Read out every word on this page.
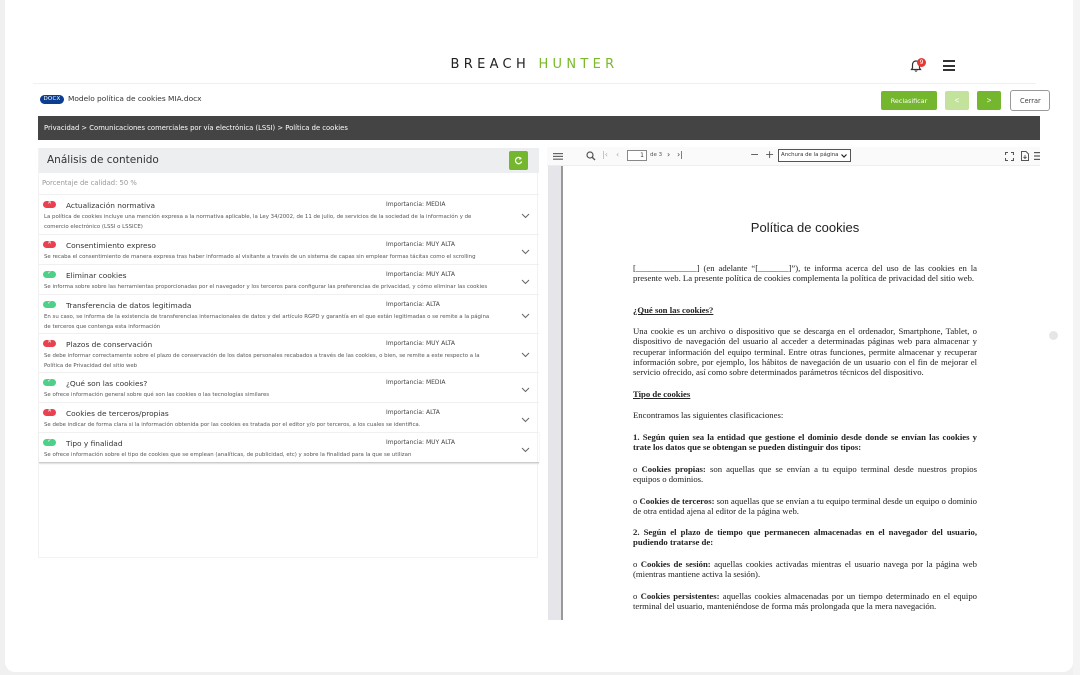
BREACH HUNTER	9
DOCX	Modelo política de cookies MIA.docx	Reclasificar	<	>	Cerrar
Privacidad > Comunicaciones comerciales por vía electrónica (LSSI) > Política de cookies
Análisis de contenido
Porcentaje de calidad: 50 %
✕	Actualización normativa	Importancia: MEDIA
La política de cookies incluye una mención expresa a la normativa aplicable, la Ley 34/2002, de 11 de julio, de servicios de la sociedad de la información y de comercio electrónico (LSSI o LSSICE)
✕	Consentimiento expreso	Importancia: MUY ALTA
Se recaba el consentimiento de manera expresa tras haber informado al visitante a través de un sistema de capas sin emplear formas tácitas como el scrolling
✓	Eliminar cookies	Importancia: MUY ALTA
Se informa sobre sobre las herramientas proporcionadas por el navegador y los terceros para configurar las preferencias de privacidad, y cómo eliminar las cookies
✓	Transferencia de datos legitimada	Importancia: ALTA
En su caso, se informa de la existencia de transferencias internacionales de datos y del artículo RGPD y garantía en el que están legitimadas o se remite a la página de terceros que contenga esta información
✕	Plazos de conservación	Importancia: MUY ALTA
Se debe informar correctamente sobre el plazo de conservación de los datos personales recabados a través de las cookies, o bien, se remite a este respecto a la Política de Privacidad del sitio web
✓	¿Qué son las cookies?	Importancia: MEDIA
Se ofrece información general sobre qué son las cookies o las tecnologías similares
✕	Cookies de terceros/propias	Importancia: ALTA
Se debe indicar de forma clara si la información obtenida por las cookies es tratada por el editor y/o por terceros, a los cuales se identifica.
✓	Tipo y finalidad	Importancia: MUY ALTA
Se ofrece información sobre el tipo de cookies que se emplean (analíticas, de publicidad, etc) y sobre la finalidad para la que se utilizan
|‹ ‹	1	de 3 › ›|	− +	Anchura de la página
Política de cookies
[______________] (en adelante “[_______]”), te informa acerca del uso de las cookies en la presente web. La presente política de cookies complementa la política de privacidad del sitio web.
¿Qué son las cookies?
Una cookie es un archivo o dispositivo que se descarga en el ordenador, Smartphone, Tablet, o dispositivo de navegación del usuario al acceder a determinadas páginas web para almacenar y recuperar información del equipo terminal. Entre otras funciones, permite almacenar y recuperar información sobre, por ejemplo, los hábitos de navegación de un usuario con el fin de mejorar el servicio ofrecido, así como sobre determinados parámetros técnicos del dispositivo.
Tipo de cookies
Encontramos las siguientes clasificaciones:
1. Según quien sea la entidad que gestione el dominio desde donde se envían las cookies y trate los datos que se obtengan se pueden distinguir dos tipos:
o Cookies propias: son aquellas que se envían a tu equipo terminal desde nuestros propios equipos o dominios.
o Cookies de terceros: son aquellas que se envían a tu equipo terminal desde un equipo o dominio de otra entidad ajena al editor de la página web.
2. Según el plazo de tiempo que permanecen almacenadas en el navegador del usuario, pudiendo tratarse de:
o Cookies de sesión: aquellas cookies activadas mientras el usuario navega por la página web (mientras mantiene activa la sesión).
o Cookies persistentes: aquellas cookies almacenadas por un tiempo determinado en el equipo terminal del usuario, manteniéndose de forma más prolongada que la mera navegación.
